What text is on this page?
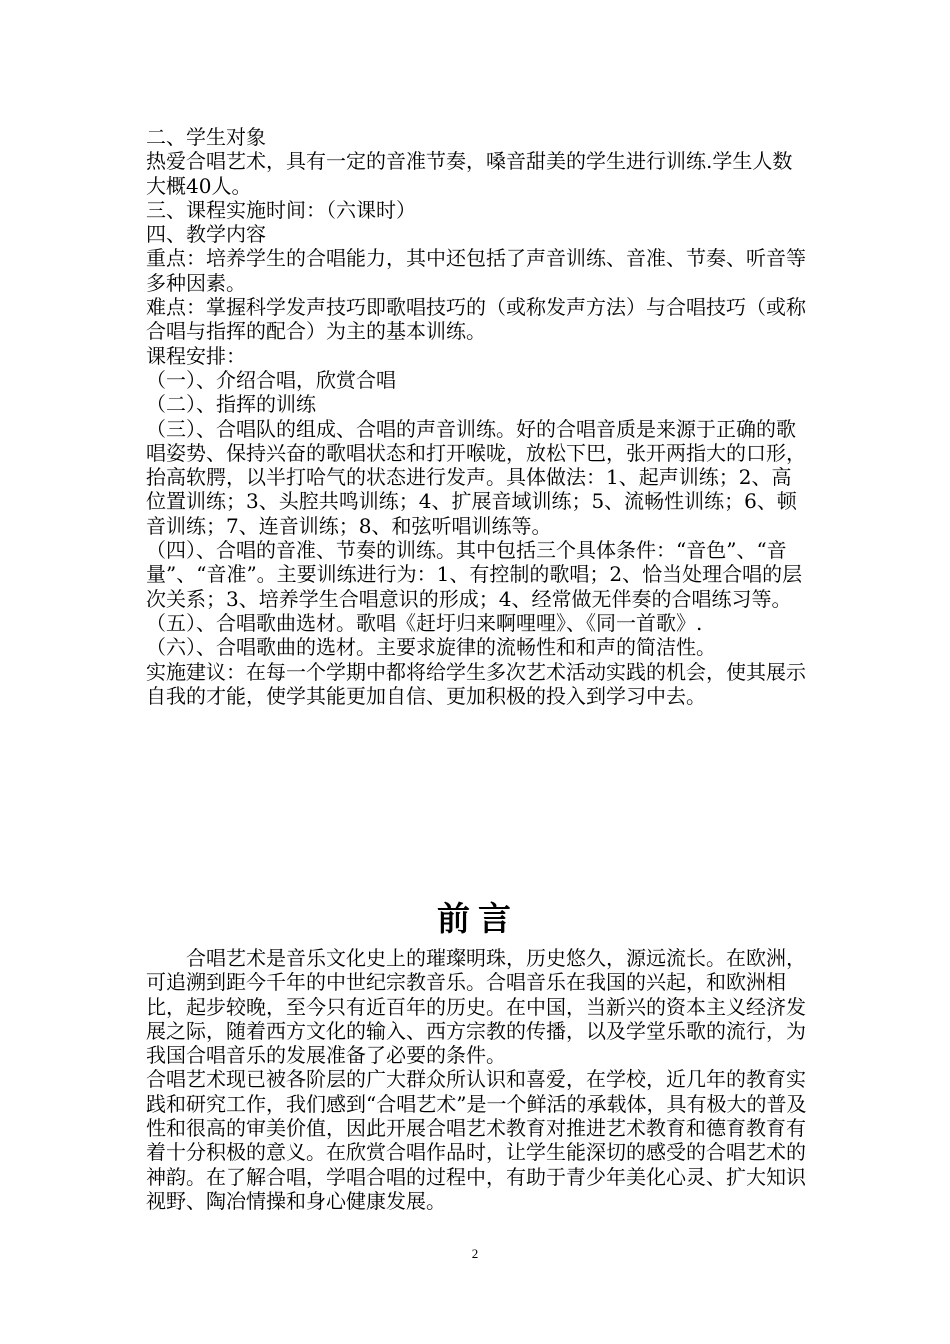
二、学生对象

热爱合唱艺术，具有一定的音准节奏，嗓音甜美的学生进行训练.学生人数大概40人。

三、课程实施时间：（六课时）

四、教学内容

重点：培养学生的合唱能力，其中还包括了声音训练、音准、节奏、听音等多种因素。

难点：掌握科学发声技巧即歌唱技巧的（或称发声方法）与合唱技巧（或称合唱与指挥的配合）为主的基本训练。

课程安排：

（一）、介绍合唱，欣赏合唱

（二）、指挥的训练

（三）、合唱队的组成、合唱的声音训练。好的合唱音质是来源于正确的歌唱姿势、保持兴奋的歌唱状态和打开喉咙，放松下巴，张开两指大的口形，抬高软腭，以半打哈气的状态进行发声。具体做法：1、起声训练；2、高位置训练；3、头腔共鸣训练；4、扩展音域训练；5、流畅性训练；6、顿音训练；7、连音训练；8、和弦听唱训练等。

（四）、合唱的音准、节奏的训练。其中包括三个具体条件：“音色”、“音量”、“音准”。主要训练进行为：1、有控制的歌唱；2、恰当处理合唱的层次关系；3、培养学生合唱意识的形成；4、经常做无伴奏的合唱练习等。

（五）、合唱歌曲选材。歌唱《赶圩归来啊哩哩》、《同一首歌》.

（六）、合唱歌曲的选材。主要求旋律的流畅性和和声的简洁性。

实施建议：在每一个学期中都将给学生多次艺术活动实践的机会，使其展示自我的才能，使学其能更加自信、更加积极的投入到学习中去。

前言

合唱艺术是音乐文化史上的璀璨明珠，历史悠久，源远流长。在欧洲，可追溯到距今千年的中世纪宗教音乐。合唱音乐在我国的兴起，和欧洲相比，起步较晚，至今只有近百年的历史。在中国，当新兴的资本主义经济发展之际，随着西方文化的输入、西方宗教的传播，以及学堂乐歌的流行，为我国合唱音乐的发展准备了必要的条件。

合唱艺术现已被各阶层的广大群众所认识和喜爱，在学校，近几年的教育实践和研究工作，我们感到“合唱艺术”是一个鲜活的承载体，具有极大的普及性和很高的审美价值，因此开展合唱艺术教育对推进艺术教育和德育教育有着十分积极的意义。在欣赏合唱作品时，让学生能深切的感受的合唱艺术的神韵。在了解合唱，学唱合唱的过程中，有助于青少年美化心灵、扩大知识视野、陶冶情操和身心健康发展。

2
